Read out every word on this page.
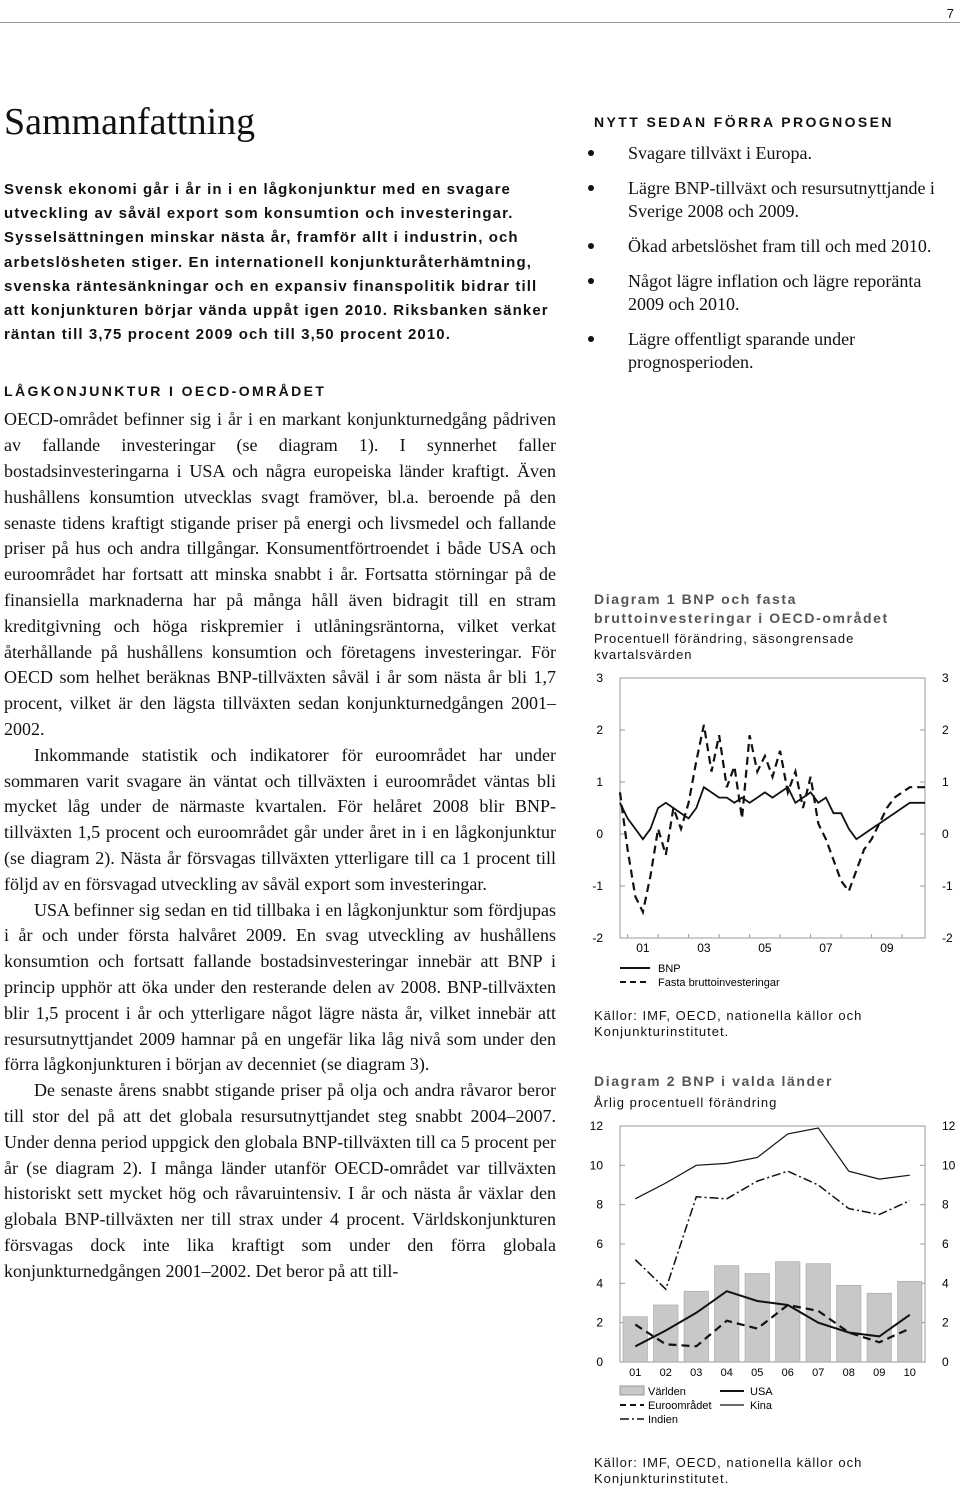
7
Sammanfattning

Svensk ekonomi går i år in i en lågkonjunktur med en svagare utveckling av såväl export som konsumtion och investeringar. Sysselsättningen minskar nästa år, framför allt i industrin, och arbetslösheten stiger. En internationell konjunkturåterhämtning, svenska räntesänkningar och en expansiv finanspolitik bidrar till att konjunkturen börjar vända uppåt igen 2010. Riksbanken sänker räntan till 3,75 procent 2009 och till 3,50 procent 2010.

LÅGKONJUNKTUR I OECD-OMRÅDET

OECD-området befinner sig i år i en markant konjunkturnedgång pådriven av fallande investeringar (se diagram 1). I synnerhet faller bostadsinvesteringarna i USA och några europeiska länder kraftigt. Även hushållens konsumtion utvecklas svagt framöver, bl.a. beroende på den senaste tidens kraftigt stigande priser på energi och livsmedel och fallande priser på hus och andra tillgångar. Konsumentförtroendet i både USA och euroområdet har fortsatt att minska snabbt i år. Fortsatta störningar på de finansiella marknaderna har på många håll även bidragit till en stram kreditgivning och höga riskpremier i utlåningsräntorna, vilket verkat återhållande på hushållens konsumtion och företagens investeringar. För OECD som helhet beräknas BNP-tillväxten såväl i år som nästa år bli 1,7 procent, vilket är den lägsta tillväxten sedan konjunkturnedgången 2001–2002.

Inkommande statistik och indikatorer för euroområdet har under sommaren varit svagare än väntat och tillväxten i euroområdet väntas bli mycket låg under de närmaste kvartalen. För helåret 2008 blir BNP-tillväxten 1,5 procent och euroområdet går under året in i en lågkonjunktur (se diagram 2). Nästa år försvagas tillväxten ytterligare till ca 1 procent till följd av en försvagad utveckling av såväl export som investeringar.

USA befinner sig sedan en tid tillbaka i en lågkonjunktur som fördjupas i år och under första halvåret 2009. En svag utveckling av hushållens konsumtion och fortsatt fallande bostadsinvesteringar innebär att BNP i princip upphör att öka under den resterande delen av 2008. BNP-tillväxten blir 1,5 procent i år och ytterligare något lägre nästa år, vilket innebär att resursutnyttjandet 2009 hamnar på en ungefär lika låg nivå som under den förra lågkonjunkturen i början av decenniet (se diagram 3).

De senaste årens snabbt stigande priser på olja och andra råvaror beror till stor del på att det globala resursutnyttjandet steg snabbt 2004–2007. Under denna period uppgick den globala BNP-tillväxten till ca 5 procent per år (se diagram 2). I många länder utanför OECD-området var tillväxten historiskt sett mycket hög och råvaruintensiv. I år och nästa år växlar den globala BNP-tillväxten ner till strax under 4 procent. Världskonjunkturen försvagas dock inte lika kraftigt som under den förra globala konjunkturnedgången 2001–2002. Det beror på att till-

NYTT SEDAN FÖRRA PROGNOSEN
Svagare tillväxt i Europa.
Lägre BNP-tillväxt och resursutnyttjande i Sverige 2008 och 2009.
Ökad arbetslöshet fram till och med 2010.
Något lägre inflation och lägre reporänta 2009 och 2010.
Lägre offentligt sparande under prognosperioden.
Diagram 1 BNP och fasta bruttoinvesteringar i OECD-området
Procentuell förändring, säsongrensade kvartalsvärden
3	3
2	2
1	1
0	0
-1	-1
-2	-2
01	03	05	07	09
BNP
Fasta bruttoinvesteringar
Källor: IMF, OECD, nationella källor och Konjunkturinstitutet.
Diagram 2 BNP i valda länder
Årlig procentuell förändring
12	12
10	10
8	8
6	6
4	4
2	2
0	0
01 02 03 04 05 06 07 08 09 10
Världen	USA
Euroområdet	Kina
Indien
Källor: IMF, OECD, nationella källor och Konjunkturinstitutet.
